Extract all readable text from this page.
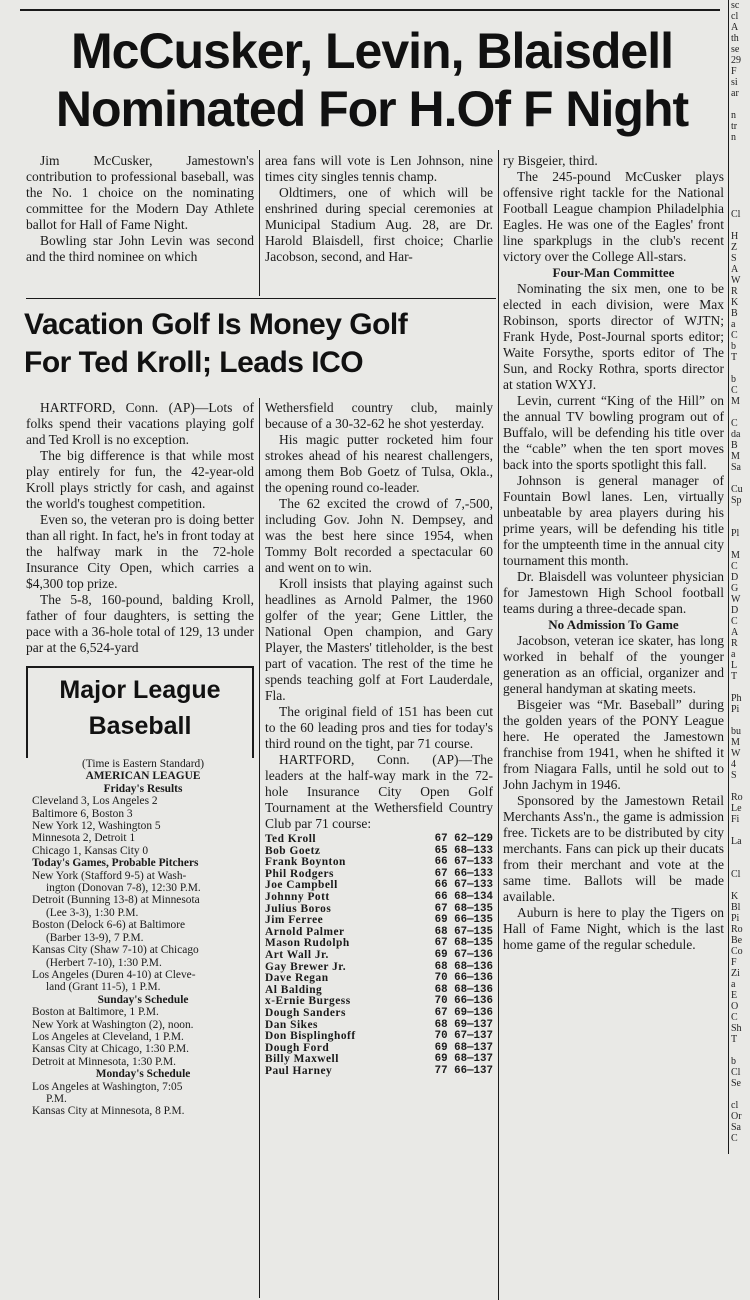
McCusker, Levin, Blaisdell
Nominated For H.Of F Night

Jim McCusker, Jamestown's contribution to professional baseball, was the No. 1 choice on the nominating committee for the Modern Day Athlete ballot for Hall of Fame Night.

Bowling star John Levin was second and the third nominee on which

area fans will vote is Len Johnson, nine times city singles tennis champ.

Oldtimers, one of which will be enshrined during special ceremonies at Municipal Stadium Aug. 28, are Dr. Harold Blaisdell, first choice; Charlie Jacobson, second, and Har-

ry Bisgeier, third.

The 245-pound McCusker plays offensive right tackle for the National Football League champion Philadelphia Eagles. He was one of the Eagles' front line sparkplugs in the club's recent victory over the College All-stars.

Four-Man Committee

Nominating the six men, one to be elected in each division, were Max Robinson, sports director of WJTN; Frank Hyde, Post-Journal sports editor; Waite Forsythe, sports editor of The Sun, and Rocky Rothra, sports director at station WXYJ.

Levin, current “King of the Hill” on the annual TV bowling program out of Buffalo, will be defending his title over the “cable” when the ten sport moves back into the sports spotlight this fall.

Johnson is general manager of Fountain Bowl lanes. Len, virtually unbeatable by area players during his prime years, will be defending his title for the umpteenth time in the annual city tournament this month.

Dr. Blaisdell was volunteer physician for Jamestown High School football teams during a three-decade span.

No Admission To Game

Jacobson, veteran ice skater, has long worked in behalf of the younger generation as an official, organizer and general handyman at skating meets.

Bisgeier was “Mr. Baseball” during the golden years of the PONY League here. He operated the Jamestown franchise from 1941, when he shifted it from Niagara Falls, until he sold out to John Jachym in 1946.

Sponsored by the Jamestown Retail Merchants Ass'n., the game is admission free. Tickets are to be distributed by city merchants. Fans can pick up their ducats from their merchant and vote at the same time. Ballots will be made available.

Auburn is here to play the Tigers on Hall of Fame Night, which is the last home game of the regular schedule.

Vacation Golf Is Money Golf
For Ted Kroll; Leads ICO

HARTFORD, Conn. (AP)—Lots of folks spend their vacations playing golf and Ted Kroll is no exception.

The big difference is that while most play entirely for fun, the 42-year-old Kroll plays strictly for cash, and against the world's toughest competition.

Even so, the veteran pro is doing better than all right. In fact, he's in front today at the halfway mark in the 72-hole Insurance City Open, which carries a $4,300 top prize.

The 5-8, 160-pound, balding Kroll, father of four daughters, is setting the pace with a 36-hole total of 129, 13 under par at the 6,524-yard

Major League
Baseball
(Time is Eastern Standard)
AMERICAN LEAGUE
Friday's Results
Cleveland 3, Los Angeles 2
Baltimore 6, Boston 3
New York 12, Washington 5
Minnesota 2, Detroit 1
Chicago 1, Kansas City 0
Today's Games, Probable Pitchers
New York (Stafford 9-5) at Wash-
ington (Donovan 7-8), 12:30 P.M.
Detroit (Bunning 13-8) at Minnesota
(Lee 3-3), 1:30 P.M.
Boston (Delock 6-6) at Baltimore
(Barber 13-9), 7 P.M.
Kansas City (Shaw 7-10) at Chicago
(Herbert 7-10), 1:30 P.M.
Los Angeles (Duren 4-10) at Cleve-
land (Grant 11-5), 1 P.M.
Sunday's Schedule
Boston at Baltimore, 1 P.M.
New York at Washington (2), noon.
Los Angeles at Cleveland, 1 P.M.
Kansas City at Chicago, 1:30 P.M.
Detroit at Minnesota, 1:30 P.M.
Monday's Schedule
Los Angeles at Washington, 7:05
P.M.
Kansas City at Minnesota, 8 P.M.

Wethersfield country club, mainly because of a 30-32-62 he shot yesterday.

His magic putter rocketed him four strokes ahead of his nearest challengers, among them Bob Goetz of Tulsa, Okla., the opening round co-leader.

The 62 excited the crowd of 7,-500, including Gov. John N. Dempsey, and was the best here since 1954, when Tommy Bolt recorded a spectacular 60 and went on to win.

Kroll insists that playing against such headlines as Arnold Palmer, the 1960 golfer of the year; Gene Littler, the National Open champion, and Gary Player, the Masters' titleholder, is the best part of vacation. The rest of the time he spends teaching golf at Fort Lauderdale, Fla.

The original field of 151 has been cut to the 60 leading pros and ties for today's third round on the tight, par 71 course.

HARTFORD, Conn. (AP)—The leaders at the half-way mark in the 72-hole Insurance City Open Golf Tournament at the Wethersfield Country Club par 71 course:

Ted Kroll	67 62—129
Bob Goetz	65 68—133
Frank Boynton	66 67—133
Phil Rodgers	67 66—133
Joe Campbell	66 67—133
Johnny Pott	66 68—134
Julius Boros	67 68—135
Jim Ferree	69 66—135
Arnold Palmer	68 67—135
Mason Rudolph	67 68—135
Art Wall Jr.	69 67—136
Gay Brewer Jr.	68 68—136
Dave Regan	70 66—136
Al Balding	68 68—136
x-Ernie Burgess	70 66—136
Dough Sanders	67 69—136
Dan Sikes	68 69—137
Don Bisplinghoff	70 67—137
Dough Ford	69 68—137
Billy Maxwell	69 68—137
Paul Harney	77 66—137
sc
cl
A
th
se
29
F
si
ar
n
tr
n
Cl
H
Z
S
A
W
R
K
B
a
C
b
T
b
C
M
C
da
B
M
Sa
Cu
Sp
Pl
M
C
D
G
W
D
C
A
R
a
L
T
Ph
Pi
bu
M
W
4
S
Ro
Le
Fi
La
Cl
K
Bl
Pi
Ro
Be
Co
F
Zi
a
E
O
C
Sh
T
b
Cl
Se
cl
Or
Sa
C
